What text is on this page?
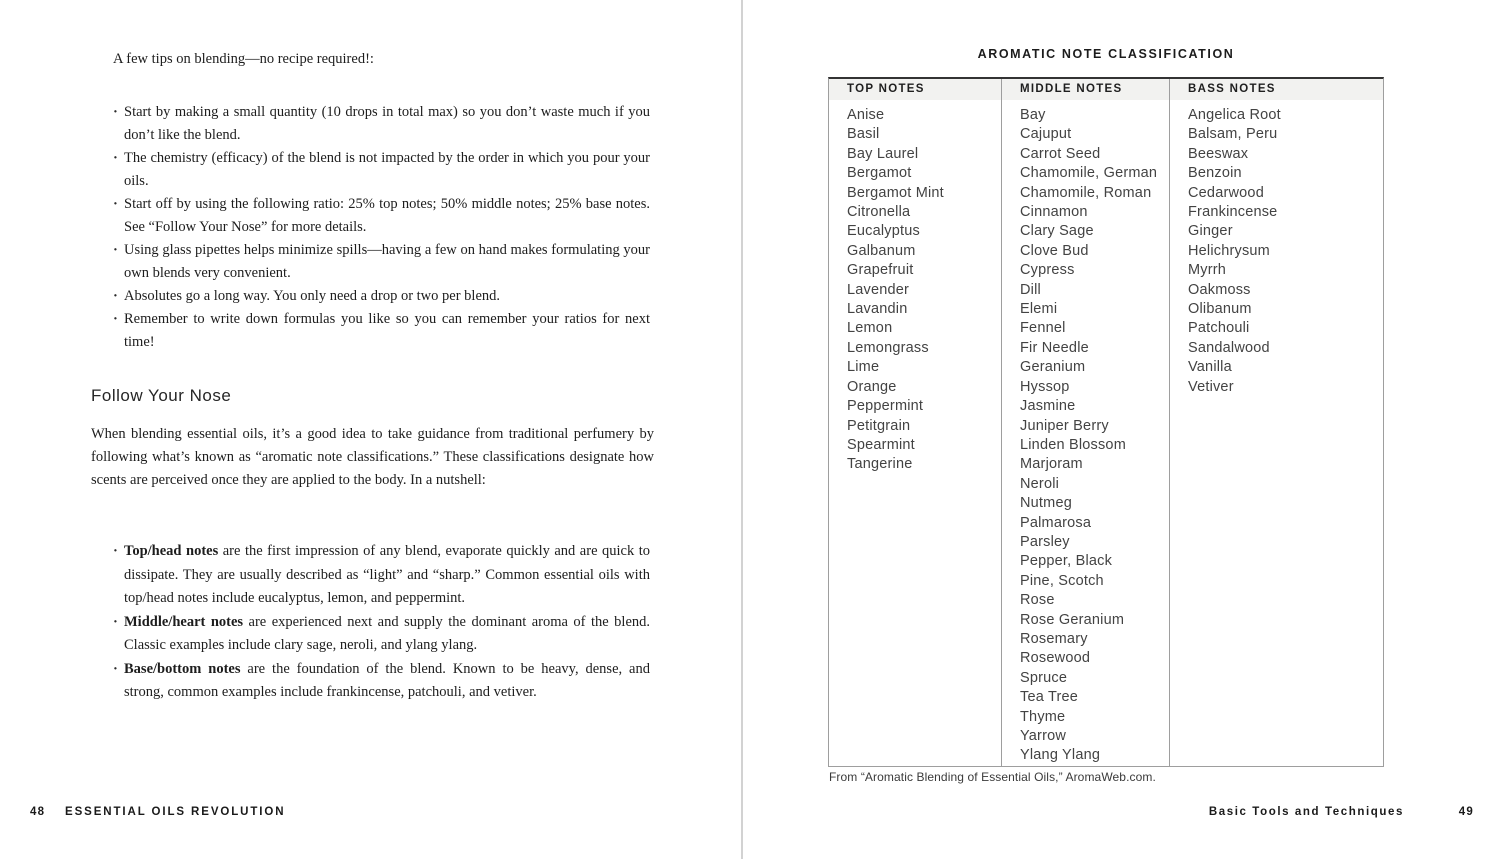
A few tips on blending—no recipe required!:

· Start by making a small quantity (10 drops in total max) so you don’t waste much if you don’t like the blend.
· The chemistry (efficacy) of the blend is not impacted by the order in which you pour your oils.
· Start off by using the following ratio: 25% top notes; 50% middle notes; 25% base notes. See “Follow Your Nose” for more details.
· Using glass pipettes helps minimize spills—having a few on hand makes formulating your own blends very convenient.
· Absolutes go a long way. You only need a drop or two per blend.
· Remember to write down formulas you like so you can remember your ratios for next time!
Follow Your Nose

When blending essential oils, it’s a good idea to take guidance from traditional perfumery by following what’s known as “aromatic note classifications.” These classifications designate how scents are perceived once they are applied to the body. In a nutshell:

· Top/head notes are the first impression of any blend, evaporate quickly and are quick to dissipate. They are usually described as “light” and “sharp.” Common essential oils with top/head notes include eucalyptus, lemon, and peppermint.
· Middle/heart notes are experienced next and supply the dominant aroma of the blend. Classic examples include clary sage, neroli, and ylang ylang.
· Base/bottom notes are the foundation of the blend. Known to be heavy, dense, and strong, common examples include frankincense, patchouli, and vetiver.
48 ESSENTIAL OILS REVOLUTION
AROMATIC NOTE CLASSIFICATION
TOP NOTES
Anise
Basil
Bay Laurel
Bergamot
Bergamot Mint
Citronella
Eucalyptus
Galbanum
Grapefruit
Lavender
Lavandin
Lemon
Lemongrass
Lime
Orange
Peppermint
Petitgrain
Spearmint
Tangerine
MIDDLE NOTES
Bay
Cajuput
Carrot Seed
Chamomile, German
Chamomile, Roman
Cinnamon
Clary Sage
Clove Bud
Cypress
Dill
Elemi
Fennel
Fir Needle
Geranium
Hyssop
Jasmine
Juniper Berry
Linden Blossom
Marjoram
Neroli
Nutmeg
Palmarosa
Parsley
Pepper, Black
Pine, Scotch
Rose
Rose Geranium
Rosemary
Rosewood
Spruce
Tea Tree
Thyme
Yarrow
Ylang Ylang
BASS NOTES
Angelica Root
Balsam, Peru
Beeswax
Benzoin
Cedarwood
Frankincense
Ginger
Helichrysum
Myrrh
Oakmoss
Olibanum
Patchouli
Sandalwood
Vanilla
Vetiver

From “Aromatic Blending of Essential Oils,” AromaWeb.com.

Basic Tools and Techniques	49
